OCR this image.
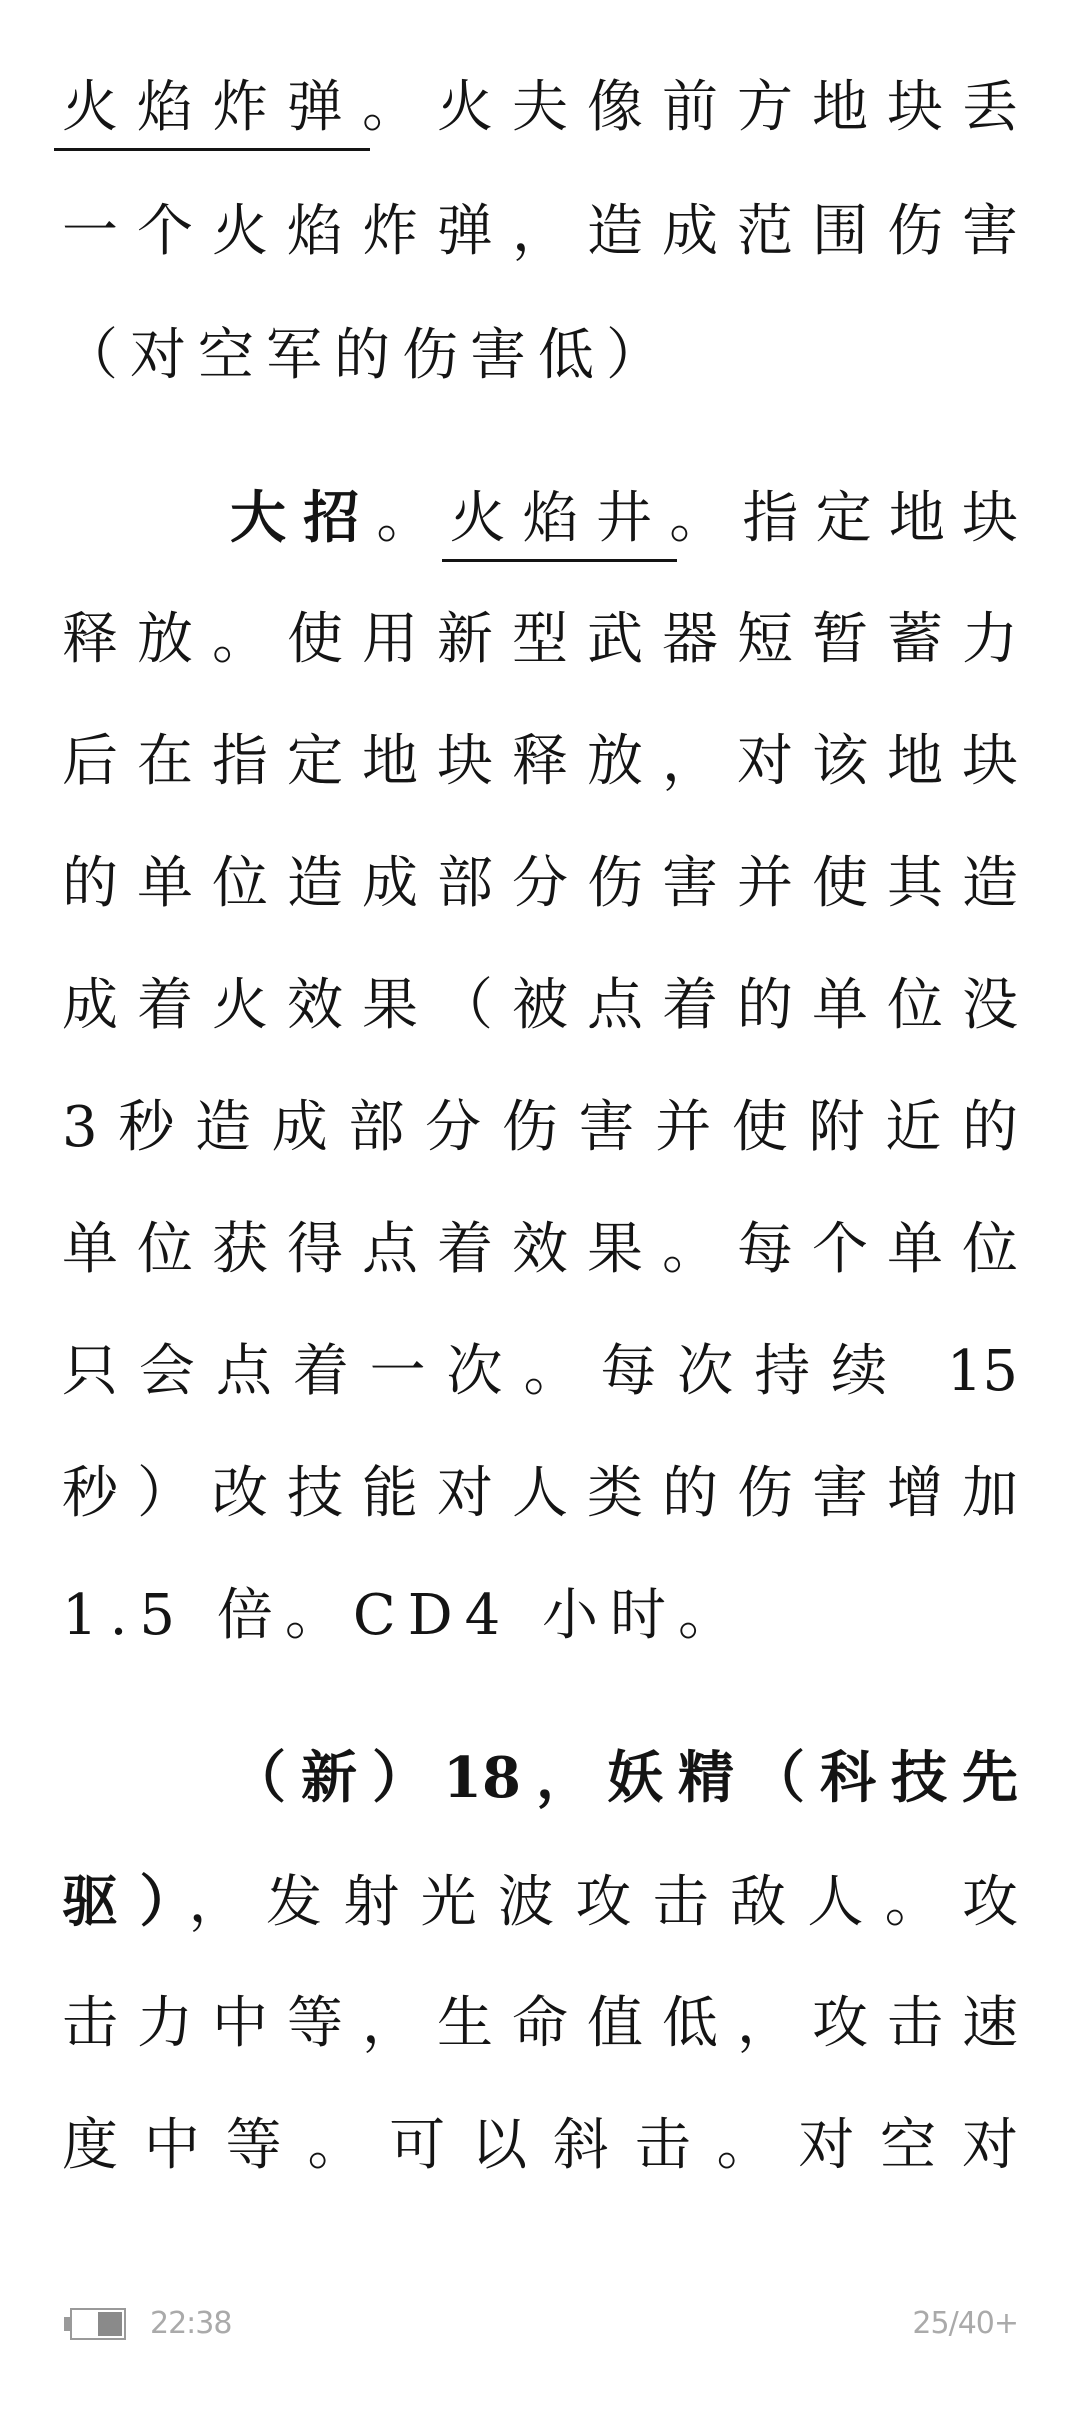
火焰炸弹。火夫像前方地块丢
一个火焰炸弹，造成范围伤害
（对空军的伤害低）
大招。火焰井。指定地块
释放。使用新型武器短暂蓄力
后在指定地块释放，对该地块
的单位造成部分伤害并使其造
成着火效果（被点着的单位没
3秒造成部分伤害并使附近的
单位获得点着效果。每个单位
只会点着一次。每次持续 15
秒）改技能对人类的伤害增加
1.5 倍。CD4 小时。
（新）18，妖精（科技先
驱），发射光波攻击敌人。攻
击力中等，生命值低，攻击速
度中等。可以斜击。对空对
22:38	25/40+
